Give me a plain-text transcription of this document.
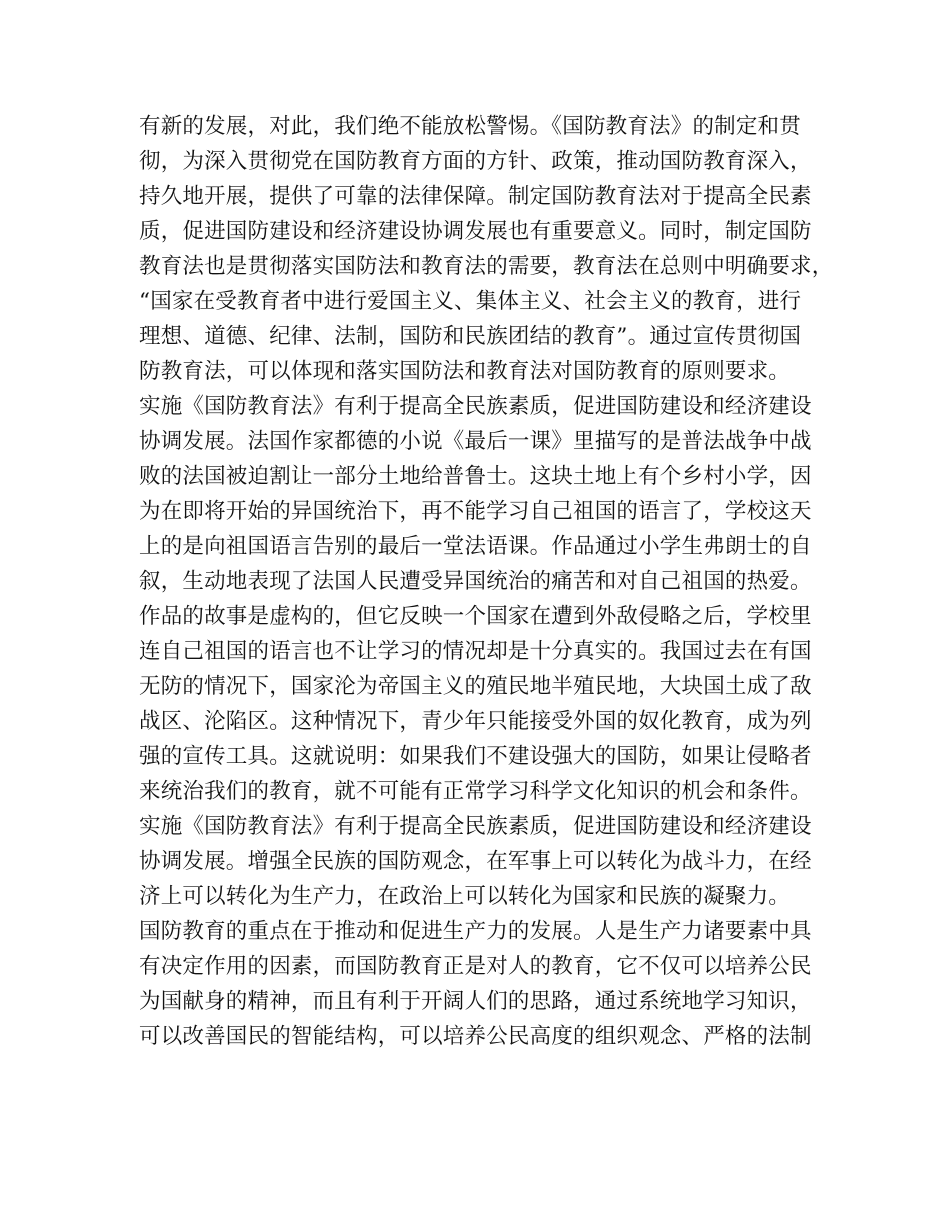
有新的发展，对此，我们绝不能放松警惕。《国防教育法》的制定和贯
彻，为深入贯彻党在国防教育方面的方针、政策，推动国防教育深入，
持久地开展，提供了可靠的法律保障。制定国防教育法对于提高全民素
质，促进国防建设和经济建设协调发展也有重要意义。同时，制定国防
教育法也是贯彻落实国防法和教育法的需要，教育法在总则中明确要求，
“国家在受教育者中进行爱国主义、集体主义、社会主义的教育，进行
理想、道德、纪律、法制，国防和民族团结的教育”。通过宣传贯彻国
防教育法，可以体现和落实国防法和教育法对国防教育的原则要求。
实施《国防教育法》有利于提高全民族素质，促进国防建设和经济建设
协调发展。法国作家都德的小说《最后一课》里描写的是普法战争中战
败的法国被迫割让一部分土地给普鲁士。这块土地上有个乡村小学，因
为在即将开始的异国统治下，再不能学习自己祖国的语言了，学校这天
上的是向祖国语言告别的最后一堂法语课。作品通过小学生弗朗士的自
叙，生动地表现了法国人民遭受异国统治的痛苦和对自己祖国的热爱。
作品的故事是虚构的，但它反映一个国家在遭到外敌侵略之后，学校里
连自己祖国的语言也不让学习的情况却是十分真实的。我国过去在有国
无防的情况下，国家沦为帝国主义的殖民地半殖民地，大块国土成了敌
战区、沦陷区。这种情况下，青少年只能接受外国的奴化教育，成为列
强的宣传工具。这就说明：如果我们不建设强大的国防，如果让侵略者
来统治我们的教育，就不可能有正常学习科学文化知识的机会和条件。
实施《国防教育法》有利于提高全民族素质，促进国防建设和经济建设
协调发展。增强全民族的国防观念，在军事上可以转化为战斗力，在经
济上可以转化为生产力，在政治上可以转化为国家和民族的凝聚力。
国防教育的重点在于推动和促进生产力的发展。人是生产力诸要素中具
有决定作用的因素，而国防教育正是对人的教育，它不仅可以培养公民
为国献身的精神，而且有利于开阔人们的思路，通过系统地学习知识，
可以改善国民的智能结构，可以培养公民高度的组织观念、严格的法制
